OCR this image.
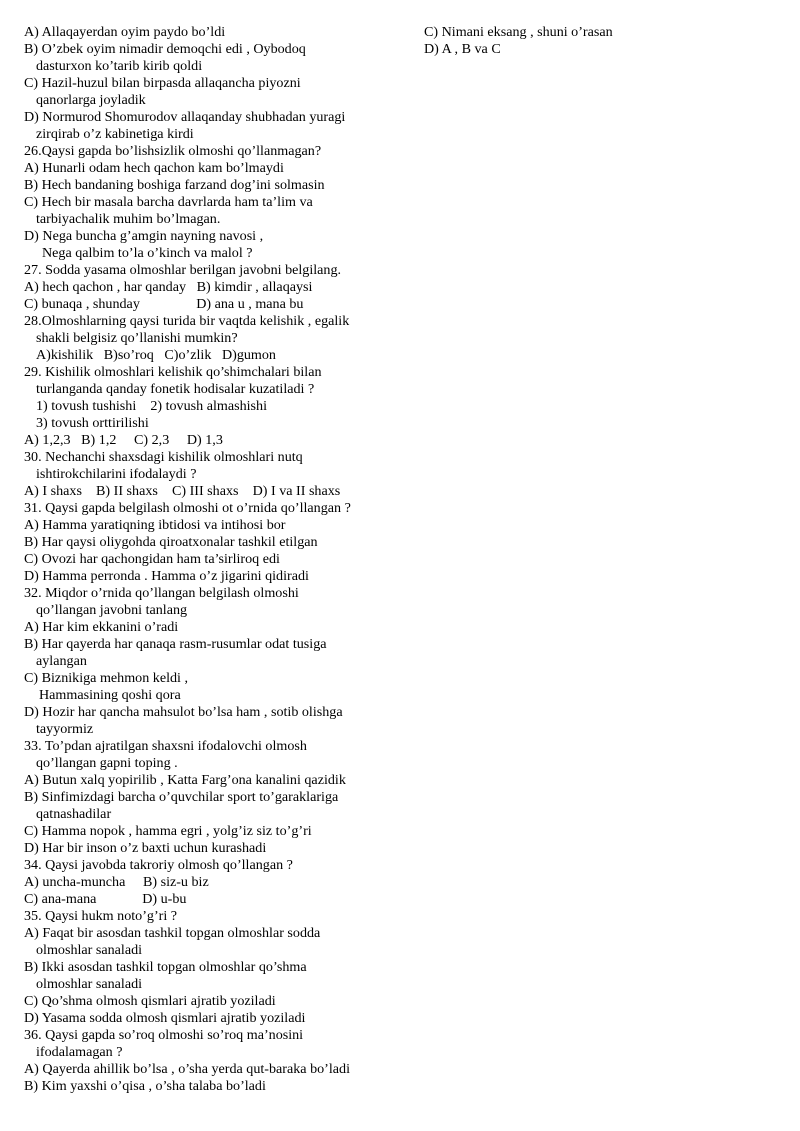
A) Allaqayerdan oyim paydo bo’ldi
B) O’zbek oyim nimadir demoqchi edi , Oybodoq
dasturxon ko’tarib kirib qoldi
C) Hazil-huzul bilan birpasda allaqancha piyozni
qanorlarga joyladik
D) Normurod Shomurodov allaqanday shubhadan yuragi
zirqirab o’z kabinetiga kirdi
26.Qaysi gapda bo’lishsizlik olmoshi qo’llanmagan?
A) Hunarli odam hech qachon kam bo’lmaydi
B) Hech bandaning boshiga farzand dog’ini solmasin
C) Hech bir masala barcha davrlarda ham ta’lim va
tarbiyachalik muhim bo’lmagan.
D) Nega buncha g’amgin nayning navosi ,
Nega qalbim to’la o’kinch va malol ?
27. Sodda yasama olmoshlar berilgan javobni belgilang.
A) hech qachon , har qanday   B) kimdir , allaqaysi
C) bunaqa , shunday                D) ana u , mana bu
28.Olmoshlarning qaysi turida bir vaqtda kelishik , egalik
shakli belgisiz qo’llanishi mumkin?
A)kishilik   B)so’roq   C)o’zlik   D)gumon
29. Kishilik olmoshlari kelishik qo’shimchalari bilan
turlanganda qanday fonetik hodisalar kuzatiladi ?
1) tovush tushishi    2) tovush almashishi
3) tovush orttirilishi
A) 1,2,3   B) 1,2     C) 2,3     D) 1,3
30. Nechanchi shaxsdagi kishilik olmoshlari nutq
ishtirokchilarini ifodalaydi ?
A) I shaxs    B) II shaxs    C) III shaxs    D) I va II shaxs
31. Qaysi gapda belgilash olmoshi ot o’rnida qo’llangan ?
A) Hamma yaratiqning ibtidosi va intihosi bor
B) Har qaysi oliygohda qiroatxonalar tashkil etilgan
C) Ovozi har qachongidan ham ta’sirliroq edi
D) Hamma perronda . Hamma o’z jigarini qidiradi
32. Miqdor o’rnida qo’llangan belgilash olmoshi
qo’llangan javobni tanlang
A) Har kim ekkanini o’radi
B) Har qayerda har qanaqa rasm-rusumlar odat tusiga
aylangan
C) Biznikiga mehmon keldi ,
Hammasining qoshi qora
D) Hozir har qancha mahsulot bo’lsa ham , sotib olishga
tayyormiz
33. To’pdan ajratilgan shaxsni ifodalovchi olmosh
qo’llangan gapni toping .
A) Butun xalq yopirilib , Katta Farg’ona kanalini qazidik
B) Sinfimizdagi barcha o’quvchilar sport to’garaklariga
qatnashadilar
C) Hamma nopok , hamma egri , yolg’iz siz to’g’ri
D) Har bir inson o’z baxti uchun kurashadi
34. Qaysi javobda takroriy olmosh qo’llangan ?
A) uncha-muncha     B) siz-u biz
C) ana-mana             D) u-bu
35. Qaysi hukm noto’g’ri ?
A) Faqat bir asosdan tashkil topgan olmoshlar sodda
olmoshlar sanaladi
B) Ikki asosdan tashkil topgan olmoshlar qo’shma
olmoshlar sanaladi
C) Qo’shma olmosh qismlari ajratib yoziladi
D) Yasama sodda olmosh qismlari ajratib yoziladi
36. Qaysi gapda so’roq olmoshi so’roq ma’nosini
ifodalamagan ?
A) Qayerda ahillik bo’lsa , o’sha yerda qut-baraka bo’ladi
B) Kim yaxshi o’qisa , o’sha talaba bo’ladi
C) Nimani eksang , shuni o’rasan
D) A , B va C
